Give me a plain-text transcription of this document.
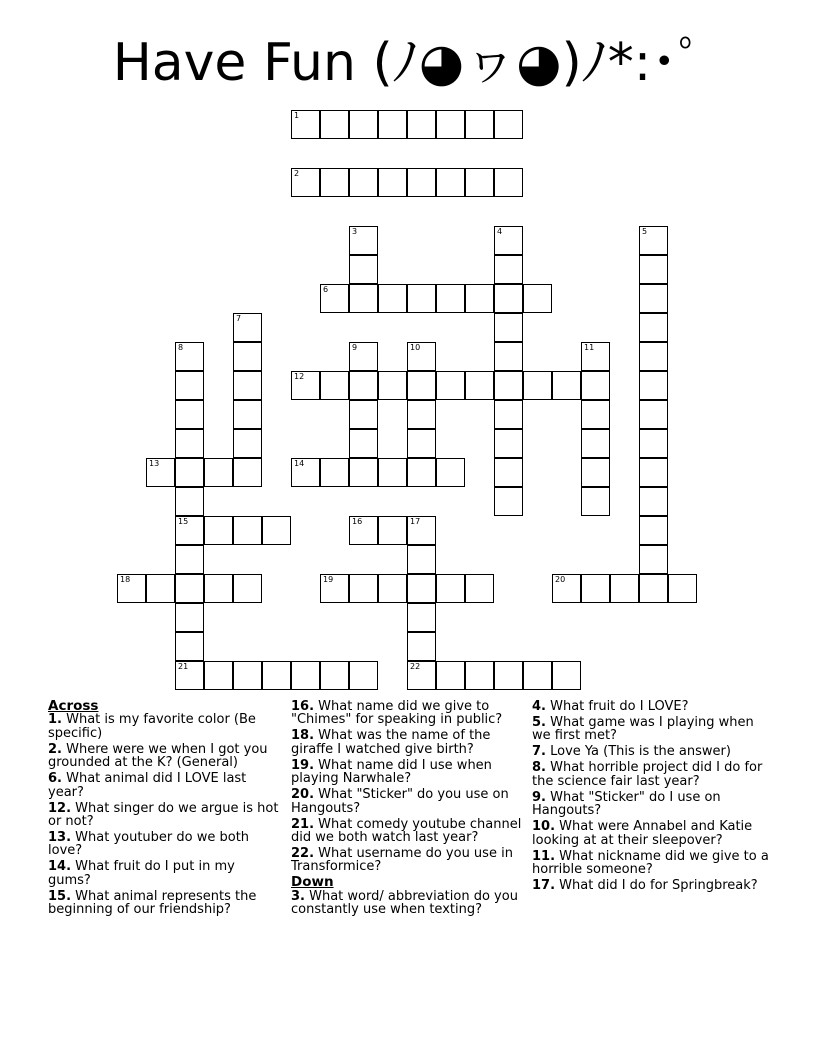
Have Fun (ﾉ◕ヮ◕)ﾉ*:･ﾟ
1
2
3	4	5
6
7
8
15
21
9	10	11
12
13	14
16	17
22
18	19	20
Across
1. What is my favorite color (Be specific)
2. Where were we when I got you grounded at the K? (General)
6. What animal did I LOVE last year?
12. What singer do we argue is hot or not?
13. What youtuber do we both love?
14. What fruit do I put in my gums?
15. What animal represents the beginning of our friendship?
16. What name did we give to "Chimes" for speaking in public?
18. What was the name of the giraffe I watched give birth?
19. What name did I use when playing Narwhale?
20. What "Sticker" do you use on Hangouts?
21. What comedy youtube channel did we both watch last year?
22. What username do you use in Transformice?
Down
3. What word/ abbreviation do you constantly use when texting?
4. What fruit do I LOVE?
5. What game was I playing when we first met?
7. Love Ya (This is the answer)
8. What horrible project did I do for the science fair last year?
9. What "Sticker" do I use on Hangouts?
10. What were Annabel and Katie looking at at their sleepover?
11. What nickname did we give to a horrible someone?
17. What did I do for Springbreak?
